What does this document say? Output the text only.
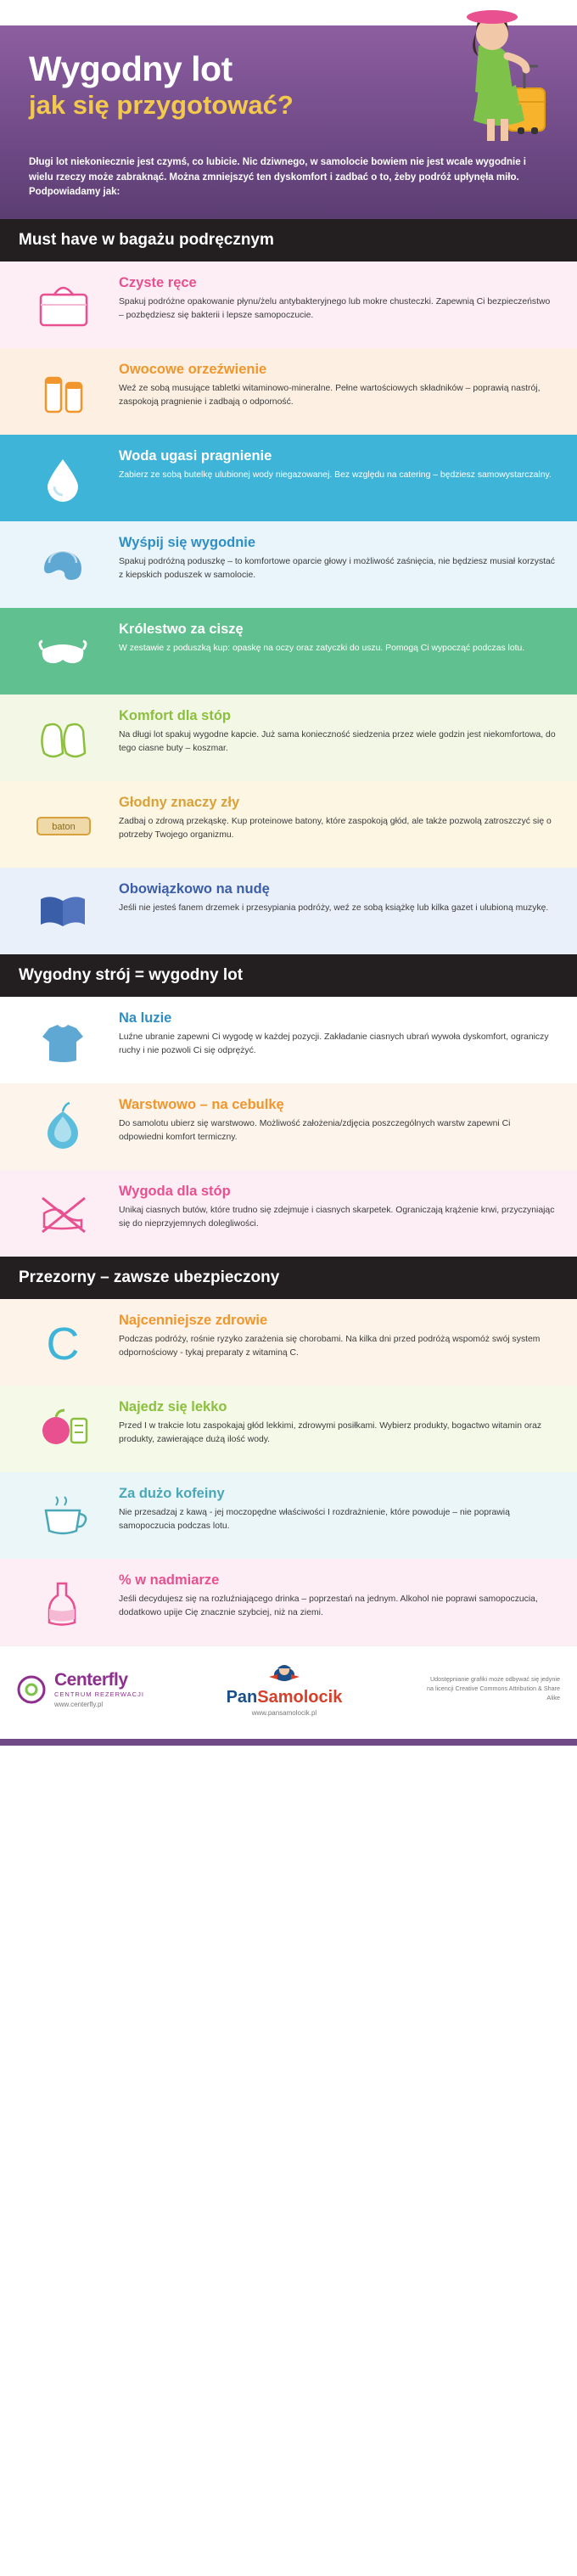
Wygodny lot
jak się przygotować?

Długi lot niekoniecznie jest czymś, co lubicie. Nic dziwnego, w samolocie bowiem nie jest wcale wygodnie i wielu rzeczy może zabraknąć. Można zmniejszyć ten dyskomfort i zadbać o to, żeby podróż upłynęła miło. Podpowiadamy jak:

Must have w bagażu podręcznym
Czyste ręce

Spakuj podróżne opakowanie płynu/żelu antybakteryjnego lub mokre chusteczki. Zapewnią Ci bezpieczeństwo – pozbędziesz się bakterii i lepsze samopoczucie.

Owocowe orzeźwienie

Weź ze sobą musujące tabletki witaminowo-mineralne. Pełne wartościowych składników – poprawią nastrój, zaspokoją pragnienie i zadbają o odporność.

Woda ugasi pragnienie

Zabierz ze sobą butelkę ulubionej wody niegazowanej. Bez względu na catering – będziesz samowystarczalny.

Wyśpij się wygodnie

Spakuj podróżną poduszkę – to komfortowe oparcie głowy i możliwość zaśnięcia, nie będziesz musiał korzystać z kiepskich poduszek w samolocie.

Królestwo za ciszę

W zestawie z poduszką kup: opaskę na oczy oraz zatyczki do uszu. Pomogą Ci wypocząć podczas lotu.

Komfort dla stóp

Na długi lot spakuj wygodne kapcie. Już sama konieczność siedzenia przez wiele godzin jest niekomfortowa, do tego ciasne buty – koszmar.

baton
Głodny znaczy zły

Zadbaj o zdrową przekąskę. Kup proteinowe batony, które zaspokoją głód, ale także pozwolą zatroszczyć się o potrzeby Twojego organizmu.

Obowiązkowo na nudę

Jeśli nie jesteś fanem drzemek i przesypiania podróży, weź ze sobą książkę lub kilka gazet i ulubioną muzykę.

Wygodny strój = wygodny lot
Na luzie

Luźne ubranie zapewni Ci wygodę w każdej pozycji. Zakładanie ciasnych ubrań wywoła dyskomfort, ograniczy ruchy i nie pozwoli Ci się odprężyć.

Warstwowo – na cebulkę

Do samolotu ubierz się warstwowo. Możliwość założenia/zdjęcia poszczególnych warstw zapewni Ci odpowiedni komfort termiczny.

Wygoda dla stóp

Unikaj ciasnych butów, które trudno się zdejmuje i ciasnych skarpetek. Ograniczają krążenie krwi, przyczyniając się do nieprzyjemnych dolegliwości.

Przezorny – zawsze ubezpieczony
C	Najcenniejsze zdrowie

Podczas podróży, rośnie ryzyko zarażenia się chorobami. Na kilka dni przed podróżą wspomóż swój system odpornościowy - tykaj preparaty z witaminą C.

Najedz się lekko

Przed I w trakcie lotu zaspokajaj głód lekkimi, zdrowymi posiłkami. Wybierz produkty, bogactwo witamin oraz produkty, zawierające dużą ilość wody.

Za dużo kofeiny

Nie przesadzaj z kawą - jej moczopędne właściwości I rozdrażnienie, które powoduje – nie poprawią samopoczucia podczas lotu.

% w nadmiarze

Jeśli decydujesz się na rozluźniającego drinka – poprzestań na jednym. Alkohol nie poprawi samopoczucia, dodatkowo upije Cię znacznie szybciej, niż na ziemi.

Centerfly
CENTRUM REZERWACJI
www.centerfly.pl	PanSamolocik
www.pansamolocik.pl
Udostępnianie grafiki może odbywać się jedynie na licencji Creative Commons Attribution & Share Alike
